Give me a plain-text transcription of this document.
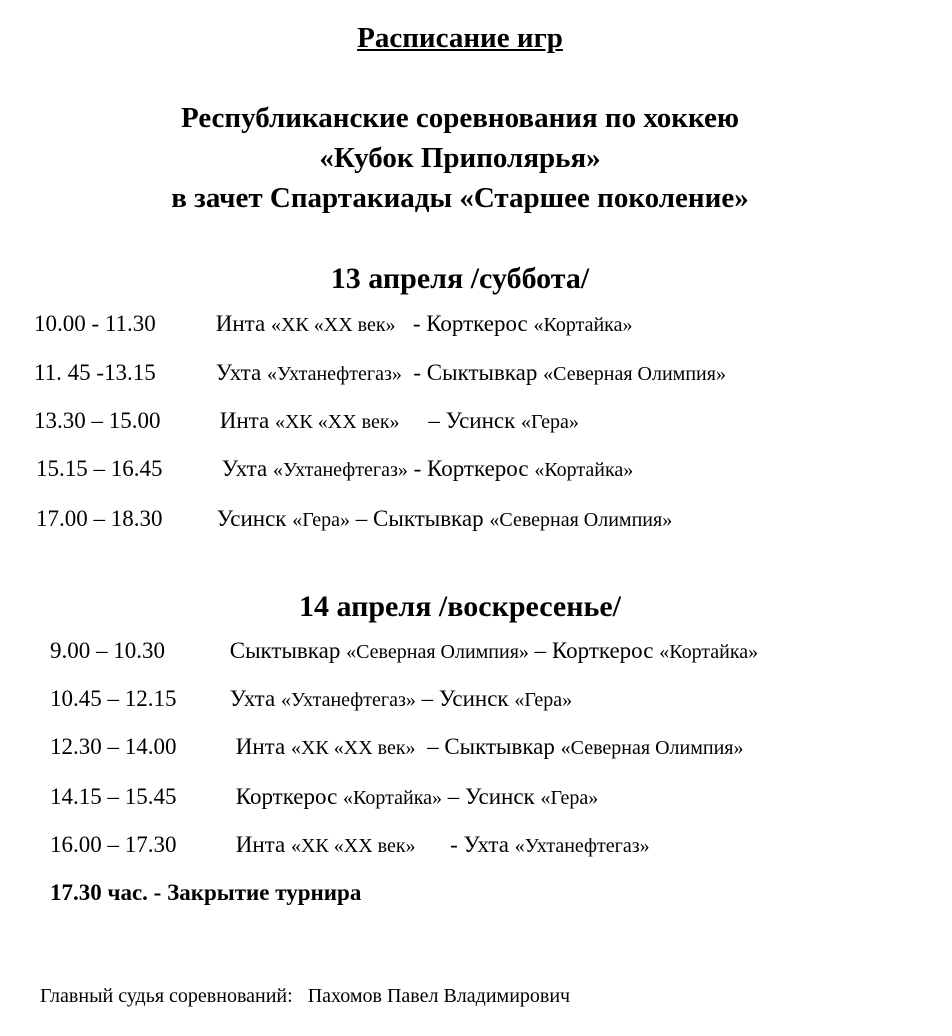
Расписание игр
Республиканские соревнования по хоккею
«Кубок Приполярья»
в зачет Спартакиады «Старшее поколение»
13 апреля /суббота/
10.00 - 11.30	Инта «ХК «ХХ век» - Корткерос «Кортайка»
11. 45 -13.15	Ухта «Ухтанефтегаз» - Сыктывкар «Северная Олимпия»
13.30 – 15.00	Инта «ХК «ХХ век» – Усинск «Гера»
15.15 – 16.45	Ухта «Ухтанефтегаз» - Корткерос «Кортайка»
17.00 – 18.30 Усинск «Гера» – Сыктывкар «Северная Олимпия»
14 апреля /воскресенье/
9.00 – 10.30	Сыктывкар «Северная Олимпия» – Корткерос «Кортайка»
10.45 – 12.15 Ухта «Ухтанефтегаз» – Усинск «Гера»
12.30 – 14.00	Инта «ХК «ХХ век» – Сыктывкар «Северная Олимпия»
14.15 – 15.45	Корткерос «Кортайка» – Усинск «Гера»
16.00 – 17.30	Инта «ХК «ХХ век» - Ухта «Ухтанефтегаз»
17.30 час. - Закрытие турнира
Главный судья соревнований: Пахомов Павел Владимирович
